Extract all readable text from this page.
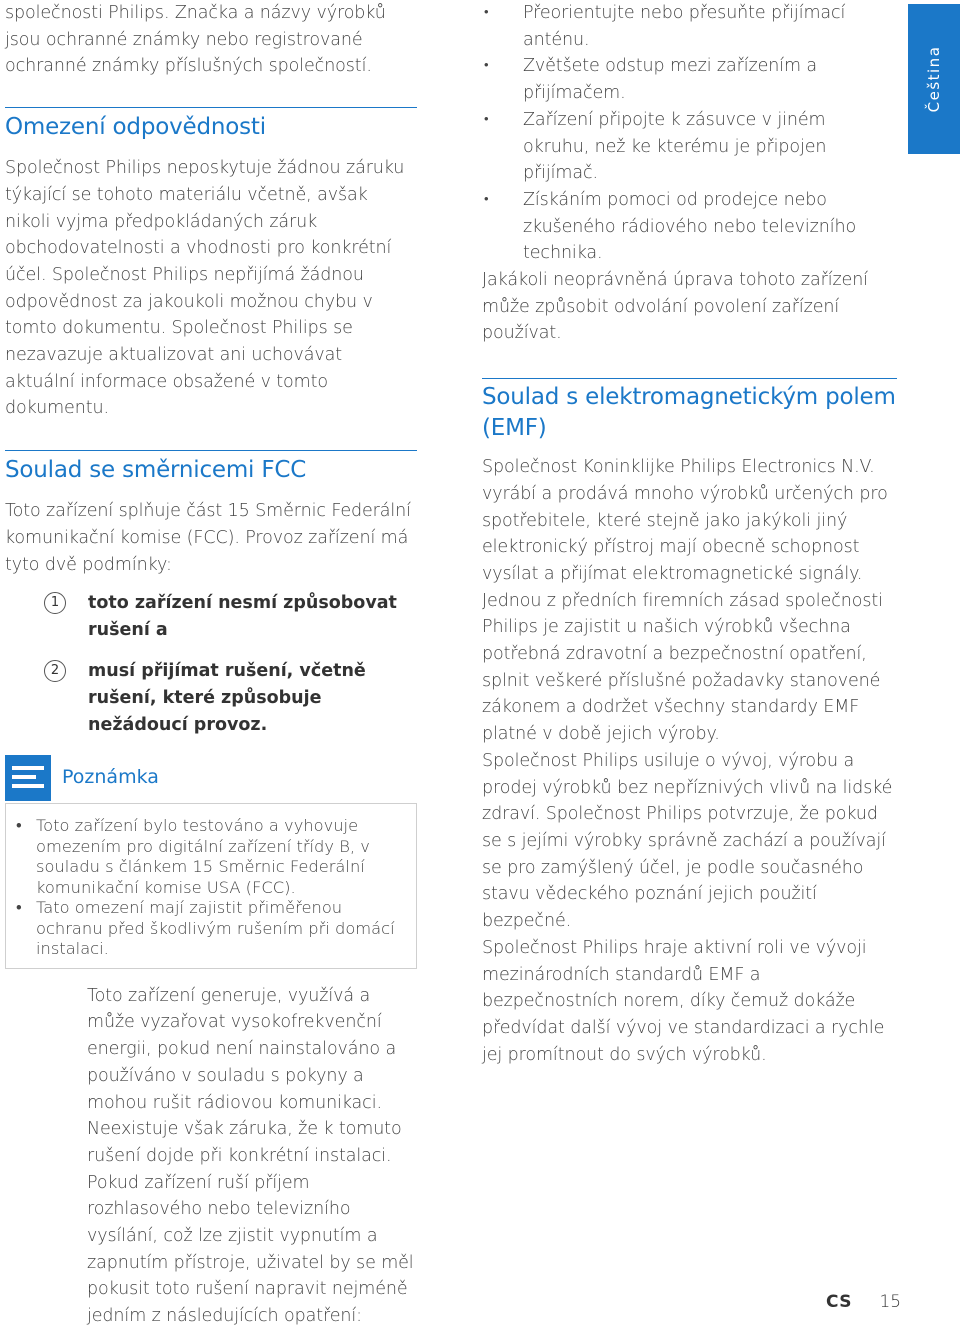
Čeština

společnosti Philips. Značka a názvy výrobků jsou ochranné známky nebo registrované ochranné známky příslušných společností.

Omezení odpovědnosti

Společnost Philips neposkytuje žádnou záruku týkající se tohoto materiálu včetně, avšak nikoli vyjma předpokládaných záruk obchodovatelnosti a vhodnosti pro konkrétní účel. Společnost Philips nepřijímá žádnou odpovědnost za jakoukoli možnou chybu v tomto dokumentu. Společnost Philips se nezavazuje aktualizovat ani uchovávat aktuální informace obsažené v tomto dokumentu.

Soulad se směrnicemi FCC

Toto zařízení splňuje část 15 Směrnic Federální komunikační komise (FCC). Provoz zařízení má tyto dvě podmínky:

1	toto zařízení nesmí způsobovat rušení a
2	musí přijímat rušení, včetně rušení, které způsobuje nežádoucí provoz.
Poznámka
• Toto zařízení bylo testováno a vyhovuje omezením pro digitální zařízení třídy B, v souladu s článkem 15 Směrnic Federální komunikační komise USA (FCC).
• Tato omezení mají zajistit přiměřenou ochranu před škodlivým rušením při domácí instalaci.

Toto zařízení generuje, využívá a může vyzařovat vysokofrekvenční energii, pokud není nainstalováno a používáno v souladu s pokyny a mohou rušit rádiovou komunikaci. Neexistuje však záruka, že k tomuto rušení dojde při konkrétní instalaci. Pokud zařízení ruší příjem rozhlasového nebo televizního vysílání, což lze zjistit vypnutím a zapnutím přístroje, uživatel by se měl pokusit toto rušení napravit nejméně jedním z následujících opatření:

• Přeorientujte nebo přesuňte přijímací anténu.
• Zvětšete odstup mezi zařízením a přijímačem.
• Zařízení připojte k zásuvce v jiném okruhu, než ke kterému je připojen přijímač.
• Získáním pomoci od prodejce nebo zkušeného rádiového nebo televizního technika.

Jakákoli neoprávněná úprava tohoto zařízení může způsobit odvolání povolení zařízení používat.

Soulad s elektromagnetickým polem (EMF)

Společnost Koninklijke Philips Electronics N.V. vyrábí a prodává mnoho výrobků určených pro spotřebitele, které stejně jako jakýkoli jiný elektronický přístroj mají obecně schopnost vysílat a přijímat elektromagnetické signály.

Jednou z předních firemních zásad společnosti Philips je zajistit u našich výrobků všechna potřebná zdravotní a bezpečnostní opatření, splnit veškeré příslušné požadavky stanovené zákonem a dodržet všechny standardy EMF platné v době jejich výroby.

Společnost Philips usiluje o vývoj, výrobu a prodej výrobků bez nepříznivých vlivů na lidské zdraví. Společnost Philips potvrzuje, že pokud se s jejími výrobky správně zachází a používají se pro zamýšlený účel, je podle současného stavu vědeckého poznání jejich použití bezpečné.

Společnost Philips hraje aktivní roli ve vývoji mezinárodních standardů EMF a bezpečnostních norem, díky čemuž dokáže předvídat další vývoj ve standardizaci a rychle jej promítnout do svých výrobků.

CS 15
